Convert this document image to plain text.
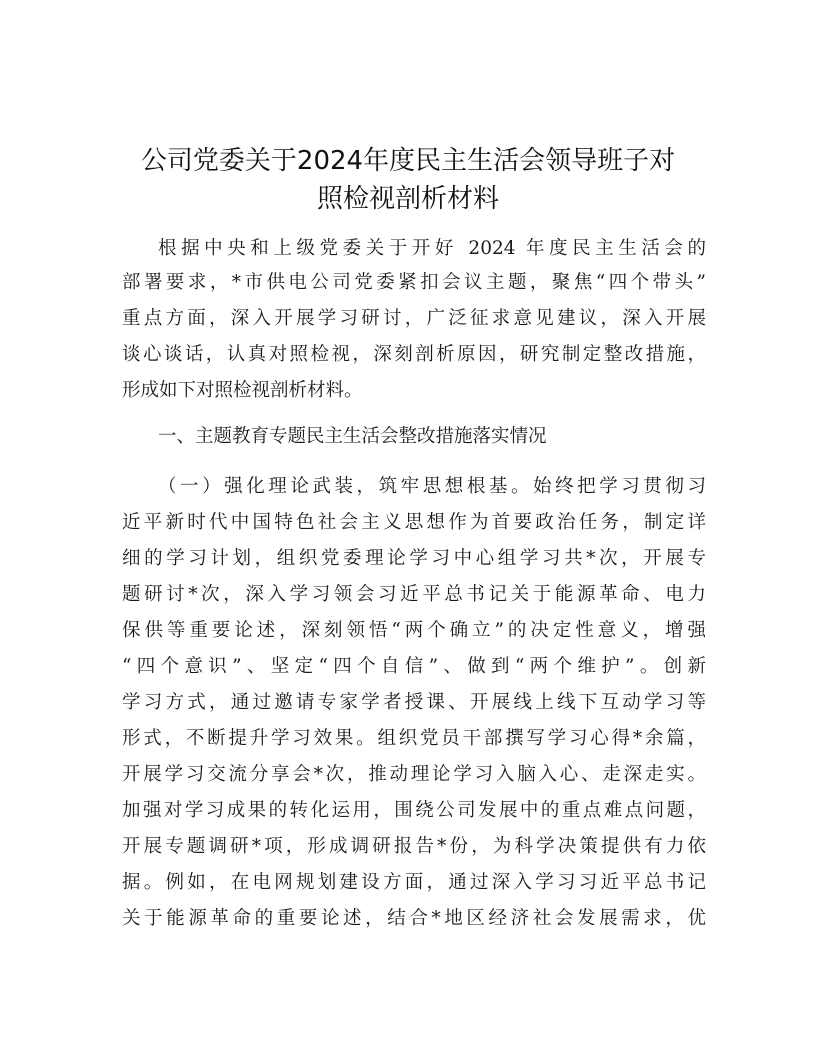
公司党委关于2024年度民主生活会领导班子对
照检视剖析材料
根据中央和上级党委关于开好 2024 年度民主生活会的
部署要求，*市供电公司党委紧扣会议主题，聚焦“四个带头”
重点方面，深入开展学习研讨，广泛征求意见建议，深入开展
谈心谈话，认真对照检视，深刻剖析原因，研究制定整改措施，
形成如下对照检视剖析材料。
一、主题教育专题民主生活会整改措施落实情况
（一）强化理论武装，筑牢思想根基。始终把学习贯彻习
近平新时代中国特色社会主义思想作为首要政治任务，制定详
细的学习计划，组织党委理论学习中心组学习共*次，开展专
题研讨*次，深入学习领会习近平总书记关于能源革命、电力
保供等重要论述，深刻领悟“两个确立”的决定性意义，增强
“四个意识”、坚定“四个自信”、做到“两个维护”。创新
学习方式，通过邀请专家学者授课、开展线上线下互动学习等
形式，不断提升学习效果。组织党员干部撰写学习心得*余篇，
开展学习交流分享会*次，推动理论学习入脑入心、走深走实。
加强对学习成果的转化运用，围绕公司发展中的重点难点问题，
开展专题调研*项，形成调研报告*份，为科学决策提供有力依
据。例如，在电网规划建设方面，通过深入学习习近平总书记
关于能源革命的重要论述，结合*地区经济社会发展需求，优
